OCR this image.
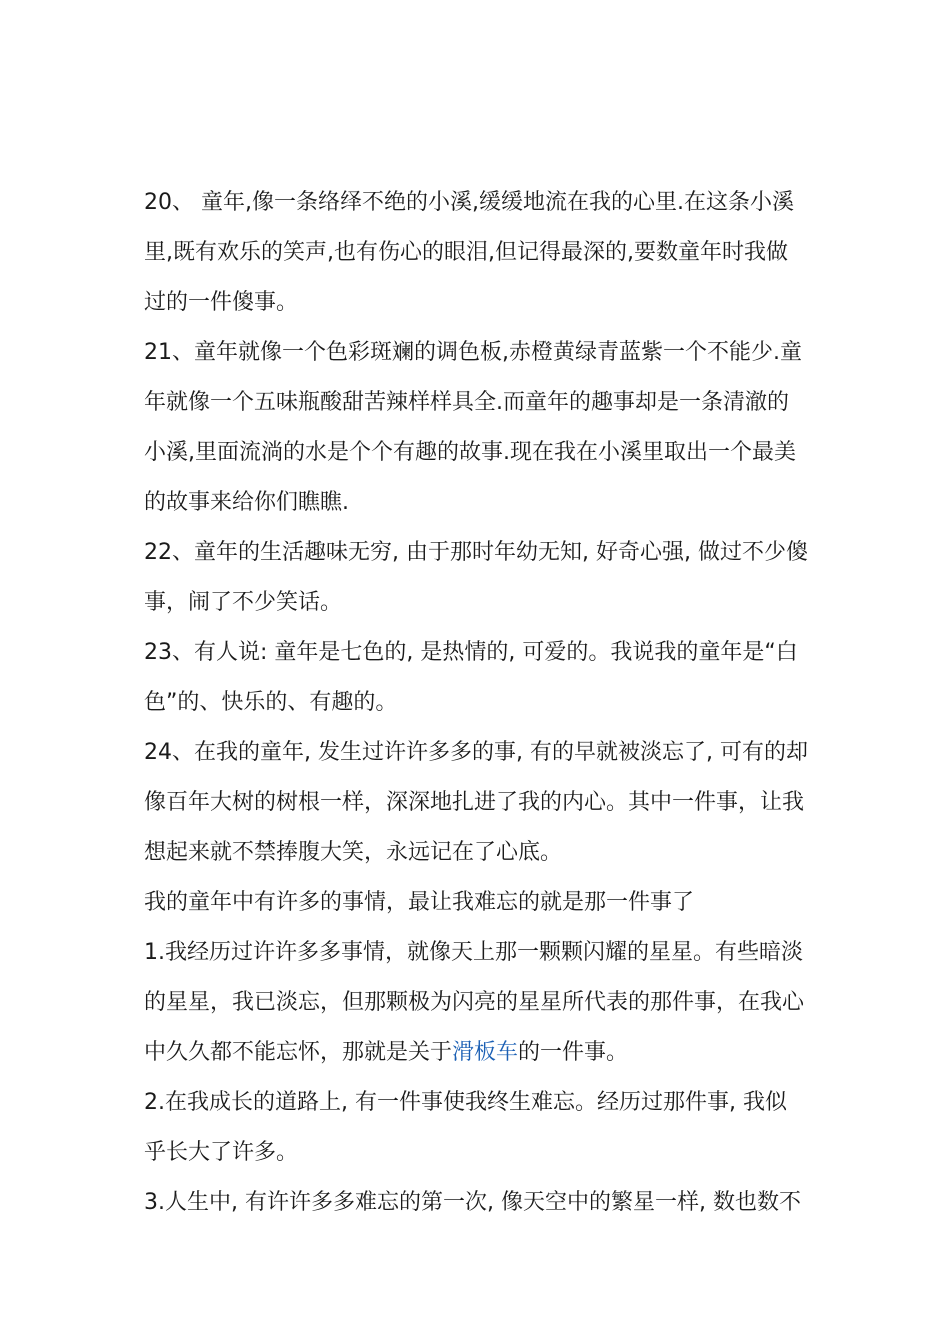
20、 童年,像一条络绎不绝的小溪,缓缓地流在我的心里.在这条小溪里,既有欢乐的笑声,也有伤心的眼泪,但记得最深的,要数童年时我做过的一件傻事。

21、童年就像一个色彩斑斓的调色板,赤橙黄绿青蓝紫一个不能少.童年就像一个五味瓶酸甜苦辣样样具全.而童年的趣事却是一条清澈的小溪,里面流淌的水是个个有趣的故事.现在我在小溪里取出一个最美的故事来给你们瞧瞧.

22、童年的生活趣味无穷, 由于那时年幼无知, 好奇心强, 做过不少傻事，闹了不少笑话。

23、有人说: 童年是七色的, 是热情的, 可爱的。我说我的童年是“白色”的、快乐的、有趣的。

24、在我的童年, 发生过许许多多的事, 有的早就被淡忘了, 可有的却像百年大树的树根一样，深深地扎进了我的内心。其中一件事，让我想起来就不禁捧腹大笑，永远记在了心底。

我的童年中有许多的事情，最让我难忘的就是那一件事了

1.我经历过许许多多事情，就像天上那一颗颗闪耀的星星。有些暗淡的星星，我已淡忘，但那颗极为闪亮的星星所代表的那件事，在我心中久久都不能忘怀，那就是关于滑板车的一件事。

2.在我成长的道路上, 有一件事使我终生难忘。经历过那件事, 我似乎长大了许多。

3.人生中, 有许许多多难忘的第一次, 像天空中的繁星一样, 数也数不
